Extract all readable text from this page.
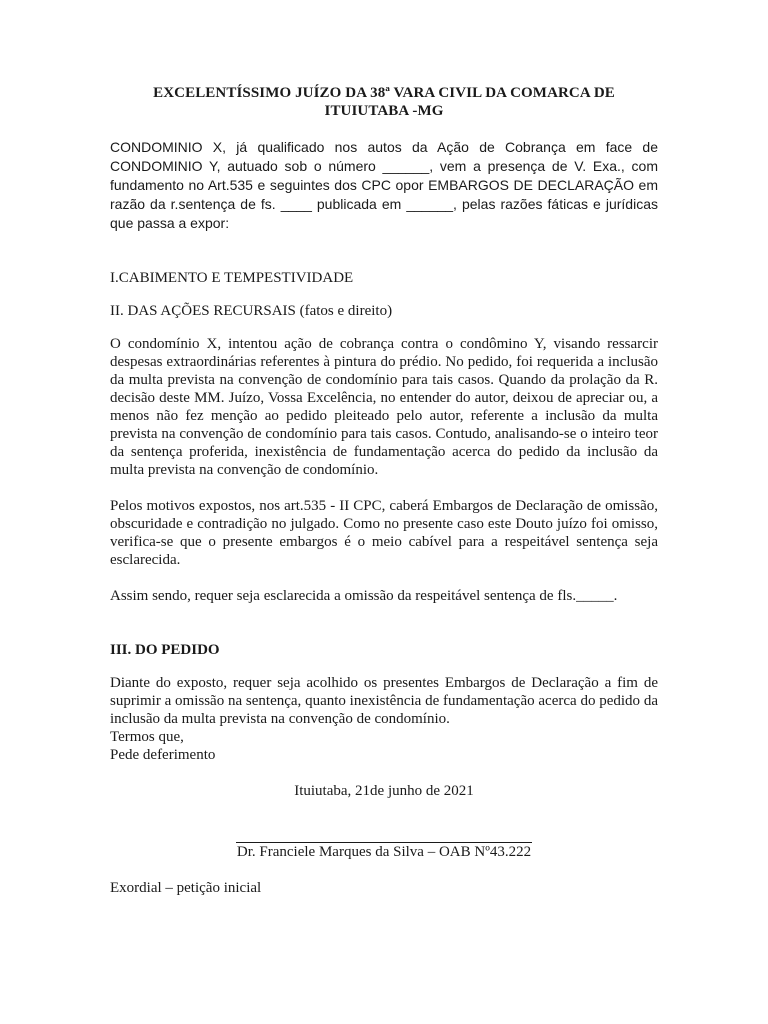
EXCELENTÍSSIMO JUÍZO DA 38ª VARA CIVIL DA COMARCA DE
ITUIUTABA -MG

CONDOMINIO X, já qualificado nos autos da Ação de Cobrança em face de CONDOMINIO Y, autuado sob o número ______, vem a presença de V. Exa., com fundamento no Art.535 e seguintes dos CPC opor EMBARGOS DE DECLARAÇÃO em razão da r.sentença de fs. ____ publicada em ______, pelas razões fáticas e jurídicas que passa a expor:

I.CABIMENTO E TEMPESTIVIDADE

II. DAS AÇÕES RECURSAIS (fatos e direito)

O condomínio X, intentou ação de cobrança contra o condômino Y, visando ressarcir despesas extraordinárias referentes à pintura do prédio. No pedido, foi requerida a inclusão da multa prevista na convenção de condomínio para tais casos. Quando da prolação da R. decisão deste MM. Juízo, Vossa Excelência, no entender do autor, deixou de apreciar ou, a menos não fez menção ao pedido pleiteado pelo autor, referente a inclusão da multa prevista na convenção de condomínio para tais casos. Contudo, analisando-se o inteiro teor da sentença proferida, inexistência de fundamentação acerca do pedido da inclusão da multa prevista na convenção de condomínio.

Pelos motivos expostos, nos art.535 - II CPC, caberá Embargos de Declaração de omissão, obscuridade e contradição no julgado. Como no presente caso este Douto juízo foi omisso, verifica-se que o presente embargos é o meio cabível para a respeitável sentença seja esclarecida.

Assim sendo, requer seja esclarecida a omissão da respeitável sentença de fls._____.

III. DO PEDIDO

Diante do exposto, requer seja acolhido os presentes Embargos de Declaração a fim de suprimir a omissão na sentença, quanto inexistência de fundamentação acerca do pedido da inclusão da multa prevista na convenção de condomínio.

Termos que,

Pede deferimento

Ituiutaba, 21de junho de 2021

Dr. Franciele Marques da Silva – OAB Nº43.222

Exordial – petição inicial
